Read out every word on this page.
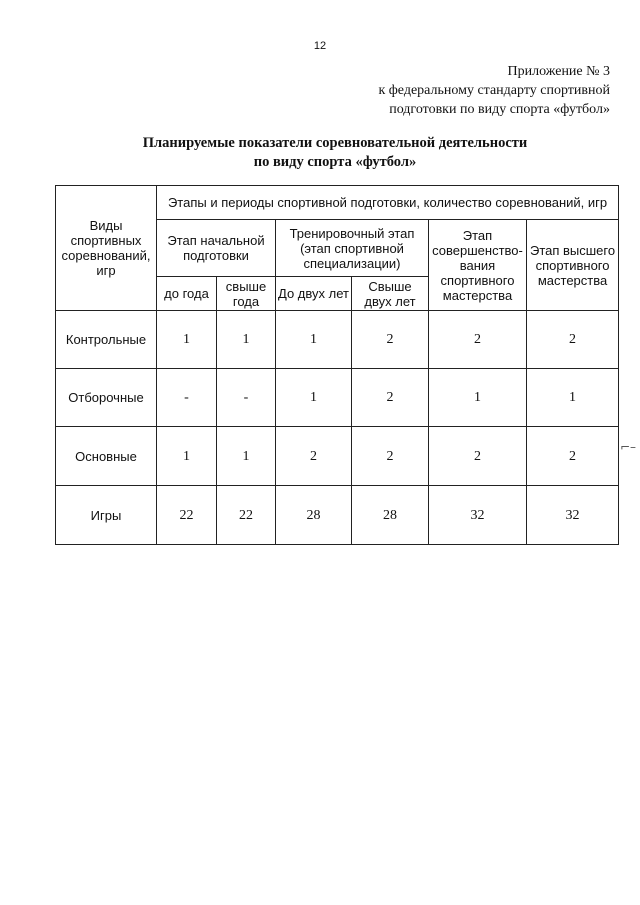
12
Приложение № 3
к федеральному стандарту спортивной
подготовки по виду спорта «футбол»
Планируемые показатели соревновательной деятельности
по виду спорта «футбол»
Виды спортивных соревнований, игр	Этапы и периоды спортивной подготовки, количество соревнований, игр					
	Этап начальной подготовки		Тренировочный этап (этап спортивной специализации)		Этап совершенство-вания спортивного мастерства	Этап высшего спортивного мастерства
	до года	свыше года	До двух лет	Свыше двух лет		
Контрольные	1	1	1	2	2	2
Отборочные	-	-	1	2	1	1
Основные	1	1	2	2	2	2
Игры	22	22	28	28	32	32
⌐–
